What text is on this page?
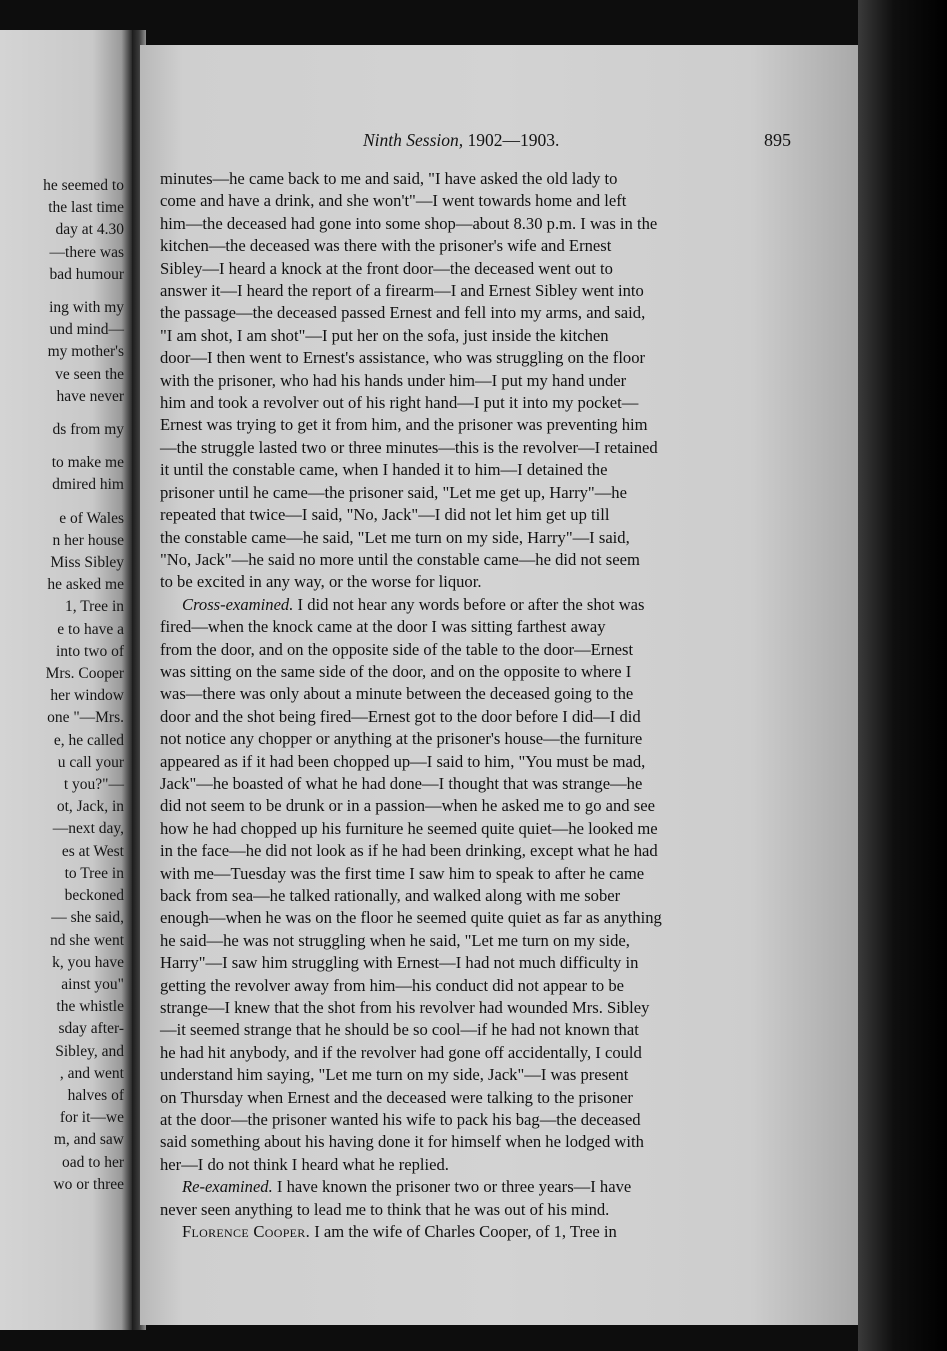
he seemed to
the last time
day at 4.30
—there was
bad humour

ing with my
und mind—
my mother's
ve seen the
have never

ds from my

to make me
dmired him

e of Wales
n her house
Miss Sibley
he asked me
1, Tree in
e to have a
into two of
Mrs. Cooper
her window
one "—Mrs.
e, he called
u call your
t you?"—
ot, Jack, in
—next day,
es at West
to Tree in
beckoned
— she said,
nd she went
k, you have
ainst you"
the whistle
sday after-
Sibley, and
, and went
halves of
for it—we
m, and saw
oad to her
wo or three
Ninth Session, 1902—1903.	895
minutes—he came back to me and said, "I have asked the old lady to
come and have a drink, and she won't"—I went towards home and left
him—the deceased had gone into some shop—about 8.30 p.m. I was in the
kitchen—the deceased was there with the prisoner's wife and Ernest
Sibley—I heard a knock at the front door—the deceased went out to
answer it—I heard the report of a firearm—I and Ernest Sibley went into
the passage—the deceased passed Ernest and fell into my arms, and said,
"I am shot, I am shot"—I put her on the sofa, just inside the kitchen
door—I then went to Ernest's assistance, who was struggling on the floor
with the prisoner, who had his hands under him—I put my hand under
him and took a revolver out of his right hand—I put it into my pocket—
Ernest was trying to get it from him, and the prisoner was preventing him
—the struggle lasted two or three minutes—this is the revolver—I retained
it until the constable came, when I handed it to him—I detained the
prisoner until he came—the prisoner said, "Let me get up, Harry"—he
repeated that twice—I said, "No, Jack"—I did not let him get up till
the constable came—he said, "Let me turn on my side, Harry"—I said,
"No, Jack"—he said no more until the constable came—he did not seem
to be excited in any way, or the worse for liquor.
Cross-examined. I did not hear any words before or after the shot was
fired—when the knock came at the door I was sitting farthest away
from the door, and on the opposite side of the table to the door—Ernest
was sitting on the same side of the door, and on the opposite to where I
was—there was only about a minute between the deceased going to the
door and the shot being fired—Ernest got to the door before I did—I did
not notice any chopper or anything at the prisoner's house—the furniture
appeared as if it had been chopped up—I said to him, "You must be mad,
Jack"—he boasted of what he had done—I thought that was strange—he
did not seem to be drunk or in a passion—when he asked me to go and see
how he had chopped up his furniture he seemed quite quiet—he looked me
in the face—he did not look as if he had been drinking, except what he had
with me—Tuesday was the first time I saw him to speak to after he came
back from sea—he talked rationally, and walked along with me sober
enough—when he was on the floor he seemed quite quiet as far as anything
he said—he was not struggling when he said, "Let me turn on my side,
Harry"—I saw him struggling with Ernest—I had not much difficulty in
getting the revolver away from him—his conduct did not appear to be
strange—I knew that the shot from his revolver had wounded Mrs. Sibley
—it seemed strange that he should be so cool—if he had not known that
he had hit anybody, and if the revolver had gone off accidentally, I could
understand him saying, "Let me turn on my side, Jack"—I was present
on Thursday when Ernest and the deceased were talking to the prisoner
at the door—the prisoner wanted his wife to pack his bag—the deceased
said something about his having done it for himself when he lodged with
her—I do not think I heard what he replied.
Re-examined. I have known the prisoner two or three years—I have
never seen anything to lead me to think that he was out of his mind.
Florence Cooper. I am the wife of Charles Cooper, of 1, Tree in
